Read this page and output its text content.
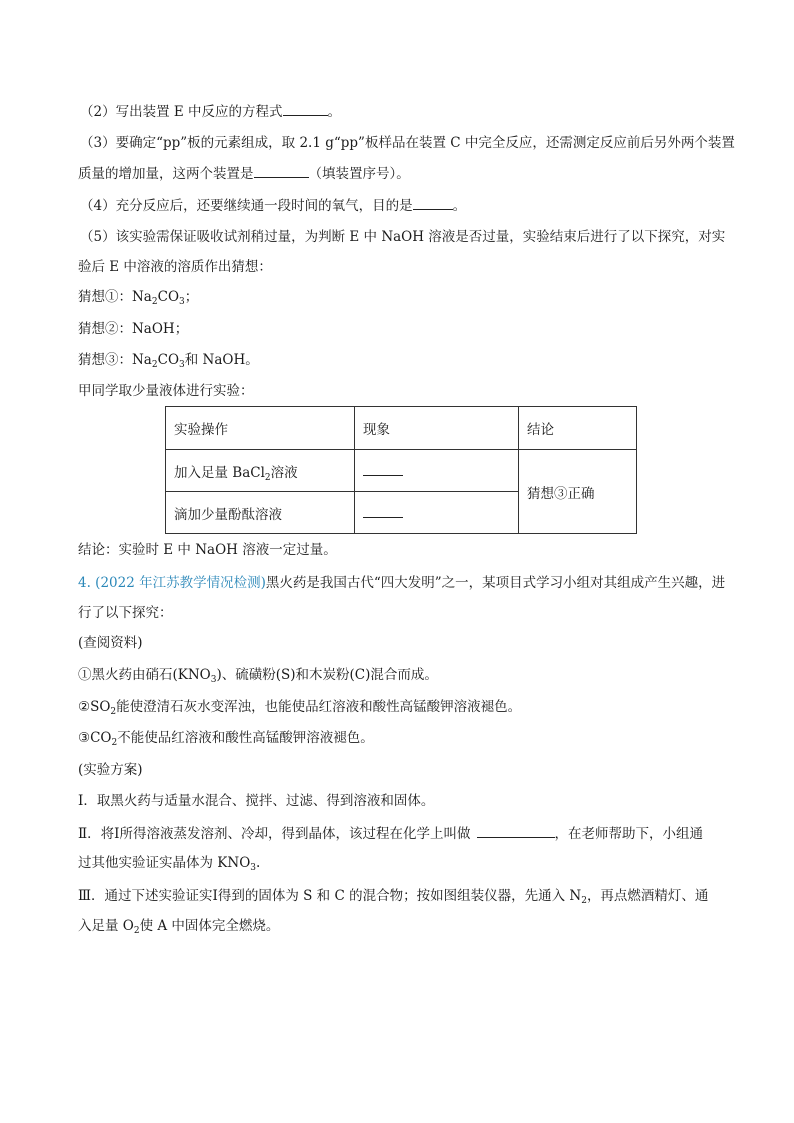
（2）写出装置 E 中反应的方程式	。
（3）要确定“pp”板的元素组成，取 2.1 g“pp”板样品在装置 C 中完全反应，还需测定反应前后另外两个装置
质量的增加量，这两个装置是	（填装置序号）。
（4）充分反应后，还要继续通一段时间的氧气，目的是	。
（5）该实验需保证吸收试剂稍过量，为判断 E 中 NaOH 溶液是否过量，实验结束后进行了以下探究，对实
验后 E 中溶液的溶质作出猜想：
猜想①：$Na_2CO_3$；
猜想②：NaOH；
猜想③：$Na_2CO_3$和 NaOH。
甲同学取少量液体进行实验：
实验操作	现象	结论
加入足量 BaCl$_2$溶液		猜想③正确
滴加少量酚酞溶液		
结论：实验时 E 中 NaOH 溶液一定过量。
4. (2022 年江苏教学情况检测)黑火药是我国古代“四大发明”之一，某项目式学习小组对其组成产生兴趣，进
行了以下探究：
(查阅资料)
①黑火药由硝石$(KNO_3)$、硫磺粉(S)和木炭粉(C)混合而成。
$②SO_2$能使澄清石灰水变浑浊，也能使品红溶液和酸性高锰酸钾溶液褪色。
$③CO_2$不能使品红溶液和酸性高锰酸钾溶液褪色。
(实验方案)
Ⅰ．取黑火药与适量水混合、搅拌、过滤、得到溶液和固体。
Ⅱ．将Ⅰ所得溶液蒸发溶剂、冷却，得到晶体，该过程在化学上叫做	，在老师帮助下，小组通
过其他实验证实晶体为 $KNO_3$.
Ⅲ．通过下述实验证实Ⅰ得到的固体为 S 和 C 的混合物；按如图组装仪器，先通入 $N_2$，再点燃酒精灯、通
入足量 $O_2$使 A 中固体完全燃烧。
